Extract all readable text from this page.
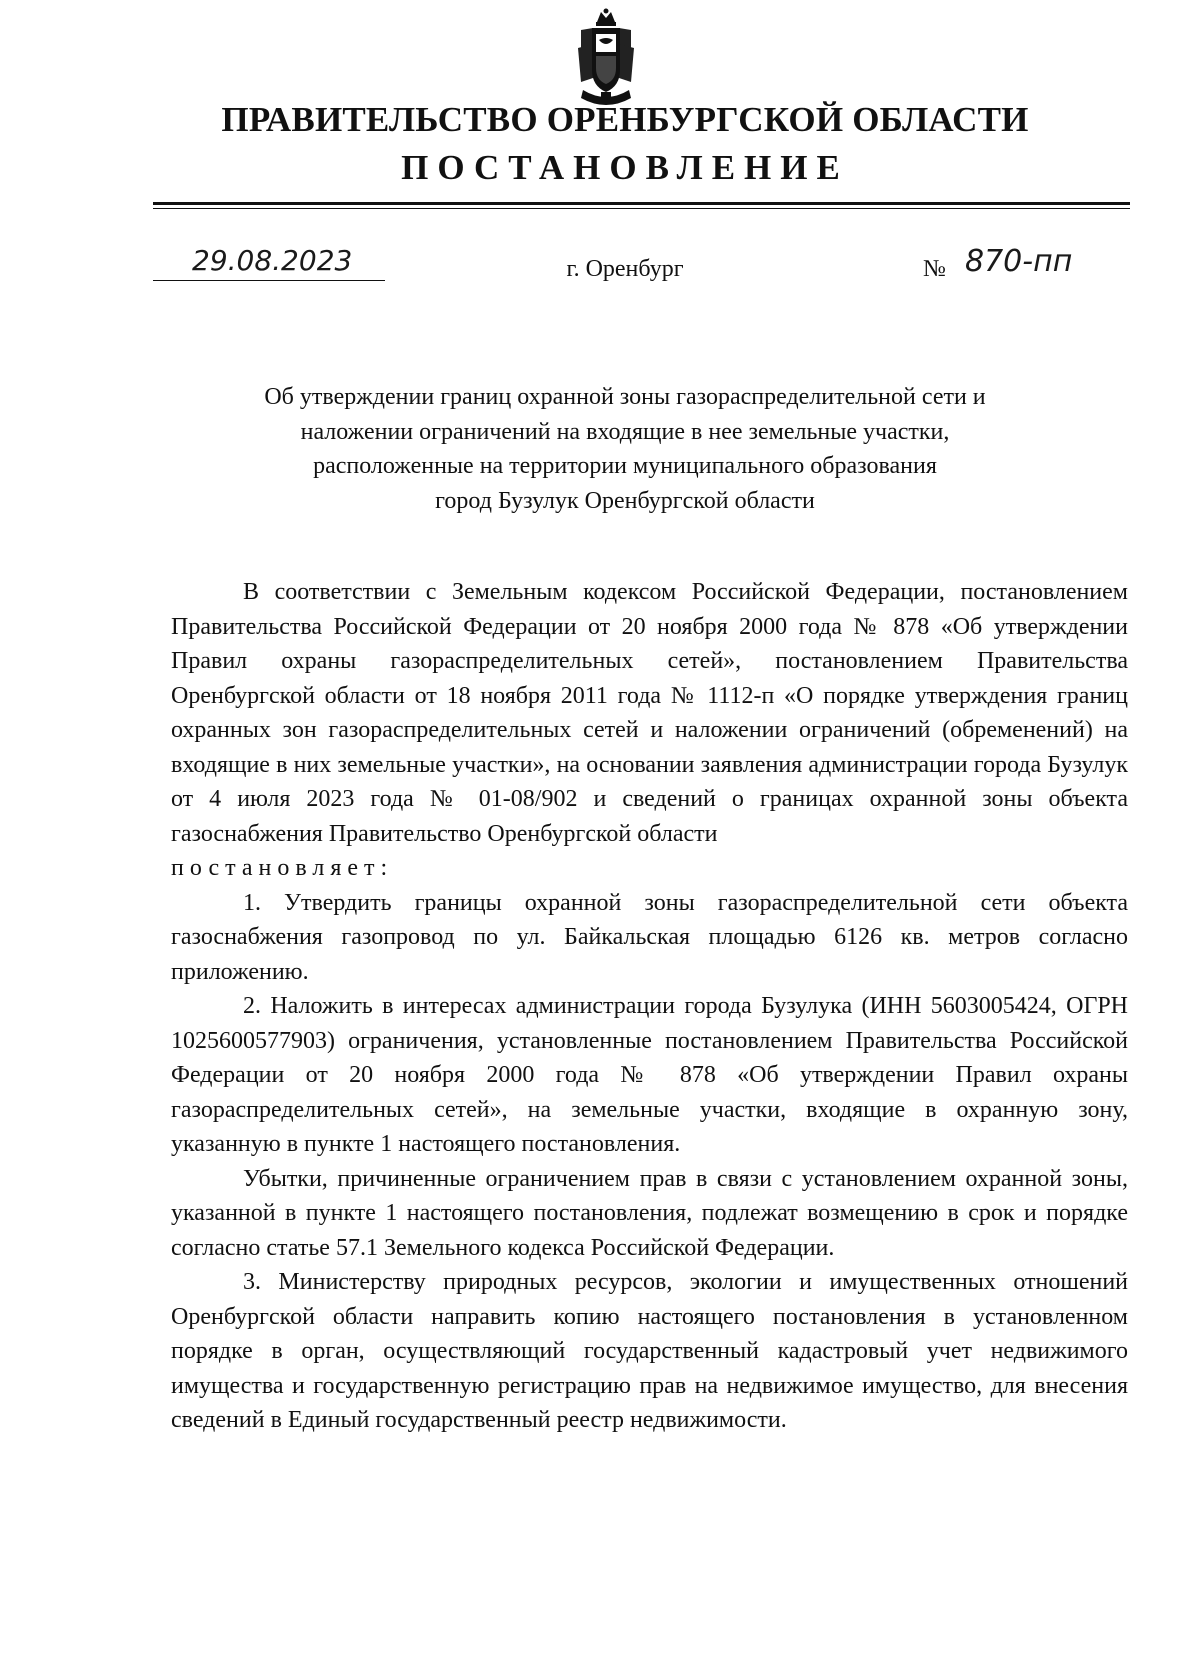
ПРАВИТЕЛЬСТВО ОРЕНБУРГСКОЙ ОБЛАСТИ
ПОСТАНОВЛЕНИЕ
29.08.2023	г. Оренбург	№ 870-пп
Об утверждении границ охранной зоны газораспределительной сети и
наложении ограничений на входящие в нее земельные участки,
расположенные на территории муниципального образования
город Бузулук Оренбургской области

В соответствии с Земельным кодексом Российской Федерации, постановлением Правительства Российской Федерации от 20 ноября 2000 года № 878 «Об утверждении Правил охраны газораспределительных сетей», постановлением Правительства Оренбургской области от 18 ноября 2011 года № 1112-п «О порядке утверждения границ охранных зон газораспределительных сетей и наложении ограничений (обременений) на входящие в них земельные участки», на основании заявления администрации города Бузулук от 4 июля 2023 года № 01-08/902 и сведений о границах охранной зоны объекта газоснабжения Правительство Оренбургской области

постановляет:

1. Утвердить границы охранной зоны газораспределительной сети объекта газоснабжения газопровод по ул. Байкальская площадью 6126 кв. метров согласно приложению.

2. Наложить в интересах администрации города Бузулука (ИНН 5603005424, ОГРН 1025600577903) ограничения, установленные постановлением Правительства Российской Федерации от 20 ноября 2000 года № 878 «Об утверждении Правил охраны газораспределительных сетей», на земельные участки, входящие в охранную зону, указанную в пункте 1 настоящего постановления.

Убытки, причиненные ограничением прав в связи с установлением охранной зоны, указанной в пункте 1 настоящего постановления, подлежат возмещению в срок и порядке согласно статье 57.1 Земельного кодекса Российской Федерации.

3. Министерству природных ресурсов, экологии и имущественных отношений Оренбургской области направить копию настоящего постановления в установленном порядке в орган, осуществляющий государственный кадастровый учет недвижимого имущества и государственную регистрацию прав на недвижимое имущество, для внесения сведений в Единый государственный реестр недвижимости.
